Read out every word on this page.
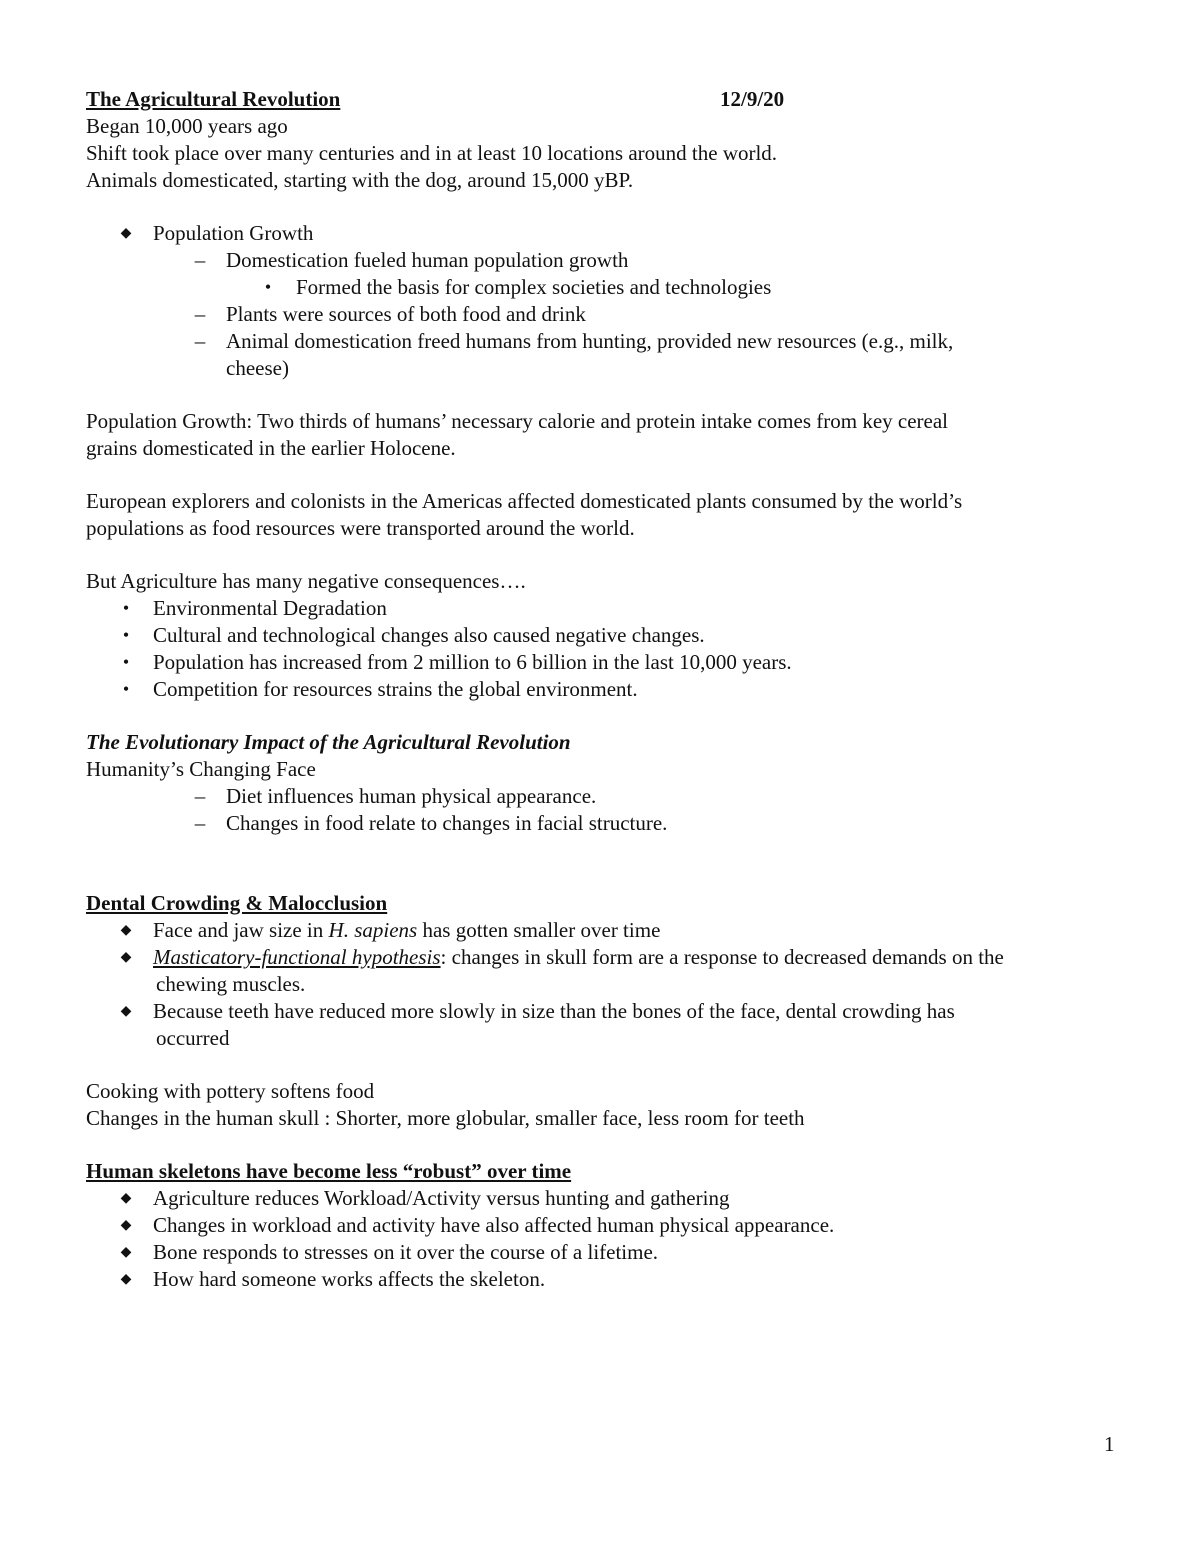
The Agricultural Revolution	12/9/20
Began 10,000 years ago
Shift took place over many centuries and in at least 10 locations around the world.
Animals domesticated, starting with the dog, around 15,000 yBP.
◆ Population Growth
– Domestication fueled human population growth
•	Formed the basis for complex societies and technologies
– Plants were sources of both food and drink
– Animal domestication freed humans from hunting, provided new resources (e.g., milk,
cheese)
Population Growth: Two thirds of humans’ necessary calorie and protein intake comes from key cereal
grains domesticated in the earlier Holocene.
European explorers and colonists in the Americas affected domesticated plants consumed by the world’s
populations as food resources were transported around the world.
But Agriculture has many negative consequences….
•	Environmental Degradation
•	Cultural and technological changes also caused negative changes.
•	Population has increased from 2 million to 6 billion in the last 10,000 years.
•	Competition for resources strains the global environment.
The Evolutionary Impact of the Agricultural Revolution
Humanity’s Changing Face
– Diet influences human physical appearance.
– Changes in food relate to changes in facial structure.
Dental Crowding & Malocclusion
◆ Face and jaw size in H. sapiens has gotten smaller over time
◆ Masticatory-functional hypothesis: changes in skull form are a response to decreased demands on the
chewing muscles.
◆ Because teeth have reduced more slowly in size than the bones of the face, dental crowding has
occurred
Cooking with pottery softens food
Changes in the human skull : Shorter, more globular, smaller face, less room for teeth
Human skeletons have become less “robust” over time
◆ Agriculture reduces Workload/Activity versus hunting and gathering
◆ Changes in workload and activity have also affected human physical appearance.
◆ Bone responds to stresses on it over the course of a lifetime.
◆ How hard someone works affects the skeleton.
1
